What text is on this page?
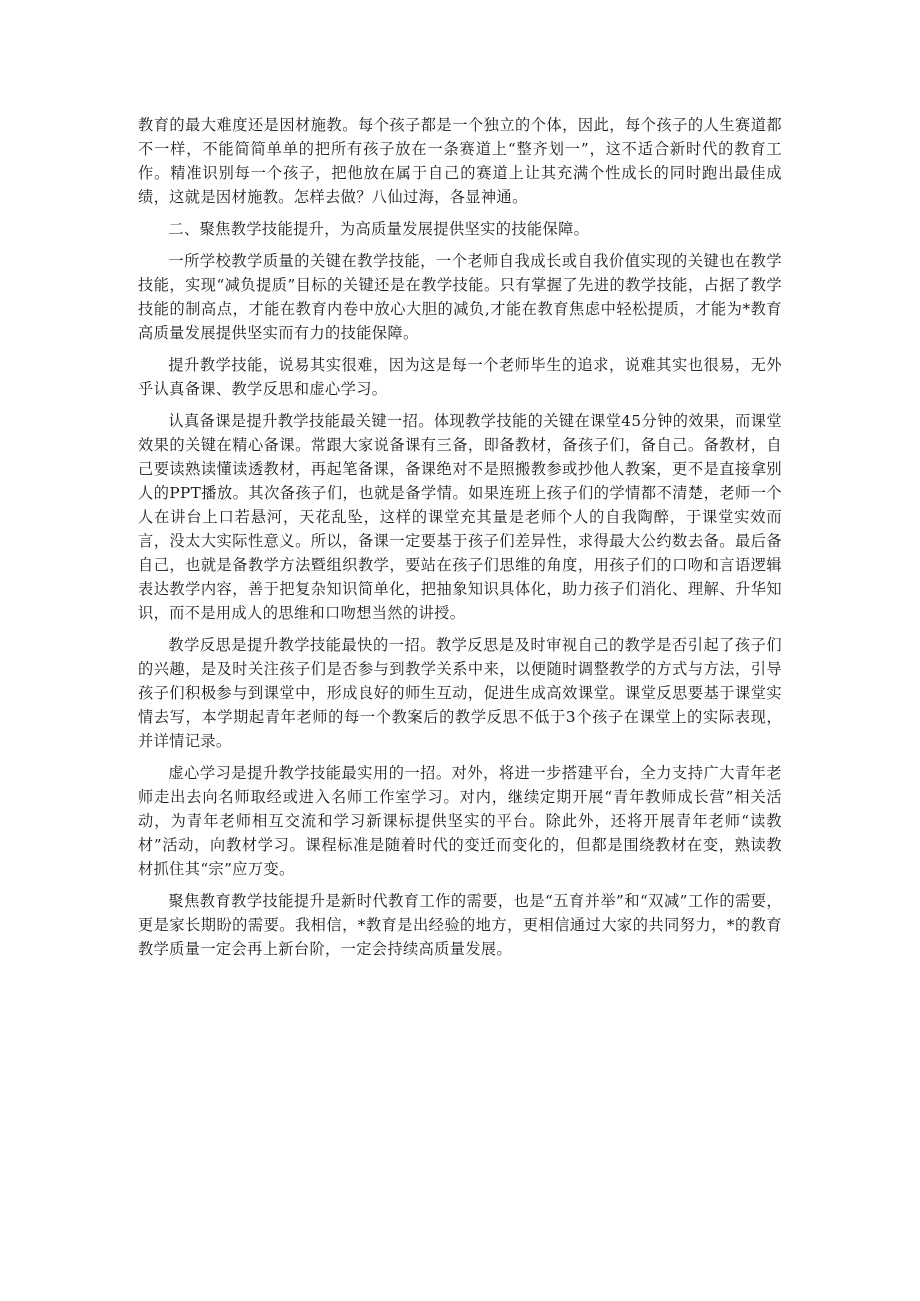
教育的最大难度还是因材施教。每个孩子都是一个独立的个体，因此，每个孩子的人生赛道都不一样，不能简简单单的把所有孩子放在一条赛道上“整齐划一”，这不适合新时代的教育工作。精准识别每一个孩子，把他放在属于自己的赛道上让其充满个性成长的同时跑出最佳成绩，这就是因材施教。怎样去做？八仙过海，各显神通。

二、聚焦教学技能提升，为高质量发展提供坚实的技能保障。

一所学校教学质量的关键在教学技能，一个老师自我成长或自我价值实现的关键也在教学技能，实现“减负提质”目标的关键还是在教学技能。只有掌握了先进的教学技能，占据了教学技能的制高点，才能在教育内卷中放心大胆的减负,才能在教育焦虑中轻松提质，才能为*教育高质量发展提供坚实而有力的技能保障。

提升教学技能，说易其实很难，因为这是每一个老师毕生的追求，说难其实也很易，无外乎认真备课、教学反思和虚心学习。

认真备课是提升教学技能最关键一招。体现教学技能的关键在课堂45分钟的效果，而课堂效果的关键在精心备课。常跟大家说备课有三备，即备教材，备孩子们，备自己。备教材，自己要读熟读懂读透教材，再起笔备课，备课绝对不是照搬教参或抄他人教案，更不是直接拿别人的PPT播放。其次备孩子们，也就是备学情。如果连班上孩子们的学情都不清楚，老师一个人在讲台上口若悬河，天花乱坠，这样的课堂充其量是老师个人的自我陶醉，于课堂实效而言，没太大实际性意义。所以，备课一定要基于孩子们差异性，求得最大公约数去备。最后备自己，也就是备教学方法暨组织教学，要站在孩子们思维的角度，用孩子们的口吻和言语逻辑表达教学内容，善于把复杂知识简单化，把抽象知识具体化，助力孩子们消化、理解、升华知识，而不是用成人的思维和口吻想当然的讲授。

教学反思是提升教学技能最快的一招。教学反思是及时审视自己的教学是否引起了孩子们的兴趣，是及时关注孩子们是否参与到教学关系中来，以便随时调整教学的方式与方法，引导孩子们积极参与到课堂中，形成良好的师生互动，促进生成高效课堂。课堂反思要基于课堂实情去写，本学期起青年老师的每一个教案后的教学反思不低于3个孩子在课堂上的实际表现，并详情记录。

虚心学习是提升教学技能最实用的一招。对外，将进一步搭建平台，全力支持广大青年老师走出去向名师取经或进入名师工作室学习。对内，继续定期开展“青年教师成长营”相关活动，为青年老师相互交流和学习新课标提供坚实的平台。除此外，还将开展青年老师“读教材”活动，向教材学习。课程标准是随着时代的变迁而变化的，但都是围绕教材在变，熟读教材抓住其“宗”应万变。

聚焦教育教学技能提升是新时代教育工作的需要，也是“五育并举”和“双减”工作的需要，更是家长期盼的需要。我相信，*教育是出经验的地方，更相信通过大家的共同努力，*的教育教学质量一定会再上新台阶，一定会持续高质量发展。
